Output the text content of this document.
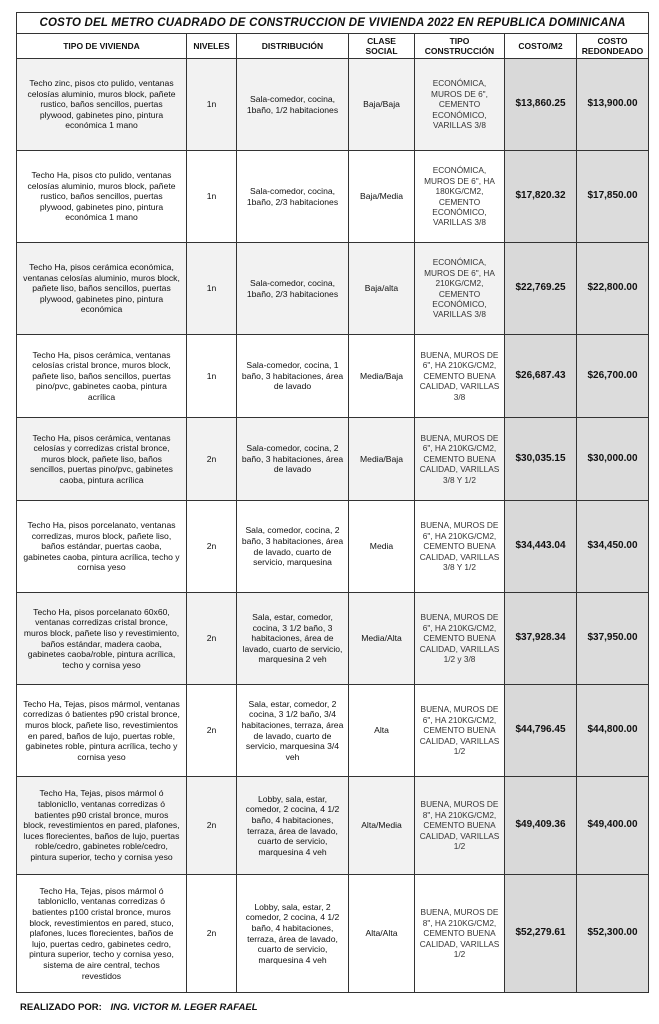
COSTO DEL METRO CUADRADO DE CONSTRUCCION DE VIVIENDA 2022 EN REPUBLICA DOMINICANA						
TIPO DE VIVIENDA	NIVELES	DISTRIBUCIÓN	CLASE SOCIAL	TIPO CONSTRUCCIÓN	COSTO/M2	COSTO REDONDEADO
Techo zinc, pisos cto pulido, ventanas celosías aluminio, muros block, pañete rustico, baños sencillos, puertas plywood, gabinetes pino, pintura económica 1 mano	1n	Sala-comedor, cocina, 1baño, 1/2 habitaciones	Baja/Baja	ECONÓMICA, MUROS DE 6", CEMENTO ECONÓMICO, VARILLAS 3/8	$13,860.25	$13,900.00
Techo Ha, pisos cto pulido, ventanas celosías aluminio, muros block, pañete rustico, baños sencillos, puertas plywood, gabinetes pino, pintura económica 1 mano	1n	Sala-comedor, cocina, 1baño, 2/3 habitaciones	Baja/Media	ECONÓMICA, MUROS DE 6", HA 180KG/CM2, CEMENTO ECONÓMICO, VARILLAS 3/8	$17,820.32	$17,850.00
Techo Ha, pisos cerámica económica, ventanas celosías aluminio, muros block, pañete liso, baños sencillos, puertas plywood, gabinetes pino, pintura económica	1n	Sala-comedor, cocina, 1baño, 2/3 habitaciones	Baja/alta	ECONÓMICA, MUROS DE 6", HA 210KG/CM2, CEMENTO ECONÓMICO, VARILLAS 3/8	$22,769.25	$22,800.00
Techo Ha, pisos cerámica, ventanas celosías cristal bronce, muros block, pañete liso, baños sencillos, puertas pino/pvc, gabinetes caoba, pintura acrílica	1n	Sala-comedor, cocina, 1 baño, 3 habitaciones, área de lavado	Media/Baja	BUENA, MUROS DE 6", HA 210KG/CM2, CEMENTO BUENA CALIDAD, VARILLAS 3/8	$26,687.43	$26,700.00
Techo Ha, pisos cerámica, ventanas celosías y corredizas cristal bronce, muros block, pañete liso, baños sencillos, puertas pino/pvc, gabinetes caoba, pintura acrílica	2n	Sala-comedor, cocina, 2 baño, 3 habitaciones, área de lavado	Media/Baja	BUENA, MUROS DE 6", HA 210KG/CM2, CEMENTO BUENA CALIDAD, VARILLAS 3/8 Y 1/2	$30,035.15	$30,000.00
Techo Ha, pisos porcelanato, ventanas corredizas, muros block, pañete liso, baños estándar, puertas caoba, gabinetes caoba, pintura acrílica, techo y cornisa yeso	2n	Sala, comedor, cocina, 2 baño, 3 habitaciones, área de lavado, cuarto de servicio, marquesina	Media	BUENA, MUROS DE 6", HA 210KG/CM2, CEMENTO BUENA CALIDAD, VARILLAS 3/8 Y 1/2	$34,443.04	$34,450.00
Techo Ha, pisos porcelanato 60x60, ventanas corredizas cristal bronce, muros block, pañete liso y revestimiento, baños estándar, madera caoba, gabinetes caoba/roble, pintura acrílica, techo y cornisa yeso	2n	Sala, estar, comedor, cocina, 3 1/2 baño, 3 habitaciones, área de lavado, cuarto de servicio, marquesina 2 veh	Media/Alta	BUENA, MUROS DE 6", HA 210KG/CM2, CEMENTO BUENA CALIDAD, VARILLAS 1/2 y 3/8	$37,928.34	$37,950.00
Techo Ha, Tejas, pisos mármol, ventanas corredizas ó batientes p90 cristal bronce, muros block, pañete liso, revestimientos en pared, baños de lujo, puertas roble, gabinetes roble, pintura acrílica, techo y cornisa yeso	2n	Sala, estar, comedor, 2 cocina, 3 1/2 baño, 3/4 habitaciones, terraza, área de lavado, cuarto de servicio, marquesina 3/4 veh	Alta	BUENA, MUROS DE 6", HA 210KG/CM2, CEMENTO BUENA CALIDAD, VARILLAS 1/2	$44,796.45	$44,800.00
Techo Ha, Tejas, pisos mármol ó tablonicllo, ventanas corredizas ó batientes p90 cristal bronce, muros block, revestimientos en pared, plafones, luces florecientes, baños de lujo, puertas roble/cedro, gabinetes roble/cedro, pintura superior, techo y cornisa yeso	2n	Lobby, sala, estar, comedor, 2 cocina, 4 1/2 baño, 4 habitaciones, terraza, área de lavado, cuarto de servicio, marquesina 4 veh	Alta/Media	BUENA, MUROS DE 8", HA 210KG/CM2, CEMENTO BUENA CALIDAD, VARILLAS 1/2	$49,409.36	$49,400.00
Techo Ha, Tejas, pisos mármol ó tablonicllo, ventanas corredizas ó batientes p100 cristal bronce, muros block, revestimientos en pared, stuco, plafones, luces florecientes, baños de lujo, puertas cedro, gabinetes cedro, pintura superior, techo y cornisa yeso, sistema de aire central, techos revestidos	2n	Lobby, sala, estar, 2 comedor, 2 cocina, 4 1/2 baño, 4 habitaciones, terraza, área de lavado, cuarto de servicio, marquesina 4 veh	Alta/Alta	BUENA, MUROS DE 8", HA 210KG/CM2, CEMENTO BUENA CALIDAD, VARILLAS 1/2	$52,279.61	$52,300.00
REALIZADO POR: ING. VICTOR M. LEGER RAFAEL
